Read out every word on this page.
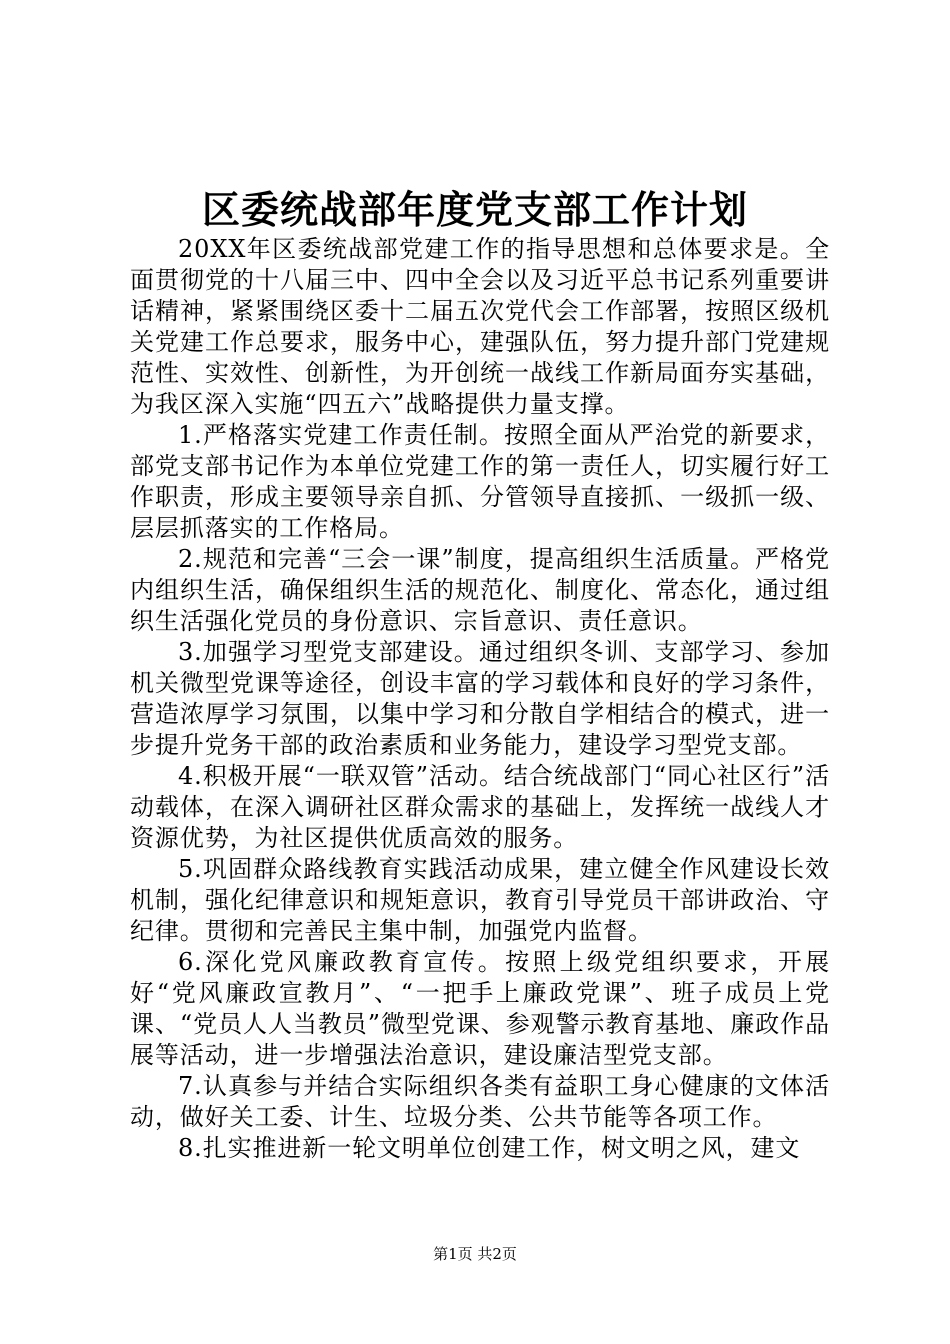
区委统战部年度党支部工作计划

20XX年区委统战部党建工作的指导思想和总体要求是。全面贯彻党的十八届三中、四中全会以及习近平总书记系列重要讲话精神，紧紧围绕区委十二届五次党代会工作部署，按照区级机关党建工作总要求，服务中心，建强队伍，努力提升部门党建规范性、实效性、创新性，为开创统一战线工作新局面夯实基础，为我区深入实施“四五六”战略提供力量支撑。

1.严格落实党建工作责任制。按照全面从严治党的新要求，部党支部书记作为本单位党建工作的第一责任人，切实履行好工作职责，形成主要领导亲自抓、分管领导直接抓、一级抓一级、层层抓落实的工作格局。

2.规范和完善“三会一课”制度，提高组织生活质量。严格党内组织生活，确保组织生活的规范化、制度化、常态化，通过组织生活强化党员的身份意识、宗旨意识、责任意识。

3.加强学习型党支部建设。通过组织冬训、支部学习、参加机关微型党课等途径，创设丰富的学习载体和良好的学习条件，营造浓厚学习氛围，以集中学习和分散自学相结合的模式，进一步提升党务干部的政治素质和业务能力，建设学习型党支部。

4.积极开展“一联双管”活动。结合统战部门“同心社区行”活动载体，在深入调研社区群众需求的基础上，发挥统一战线人才资源优势，为社区提供优质高效的服务。

5.巩固群众路线教育实践活动成果，建立健全作风建设长效机制，强化纪律意识和规矩意识，教育引导党员干部讲政治、守纪律。贯彻和完善民主集中制，加强党内监督。

6.深化党风廉政教育宣传。按照上级党组织要求，开展好“党风廉政宣教月”、“一把手上廉政党课”、班子成员上党课、“党员人人当教员”微型党课、参观警示教育基地、廉政作品展等活动，进一步增强法治意识，建设廉洁型党支部。

7.认真参与并结合实际组织各类有益职工身心健康的文体活动，做好关工委、计生、垃圾分类、公共节能等各项工作。

8.扎实推进新一轮文明单位创建工作，树文明之风，建文

第1页 共2页
